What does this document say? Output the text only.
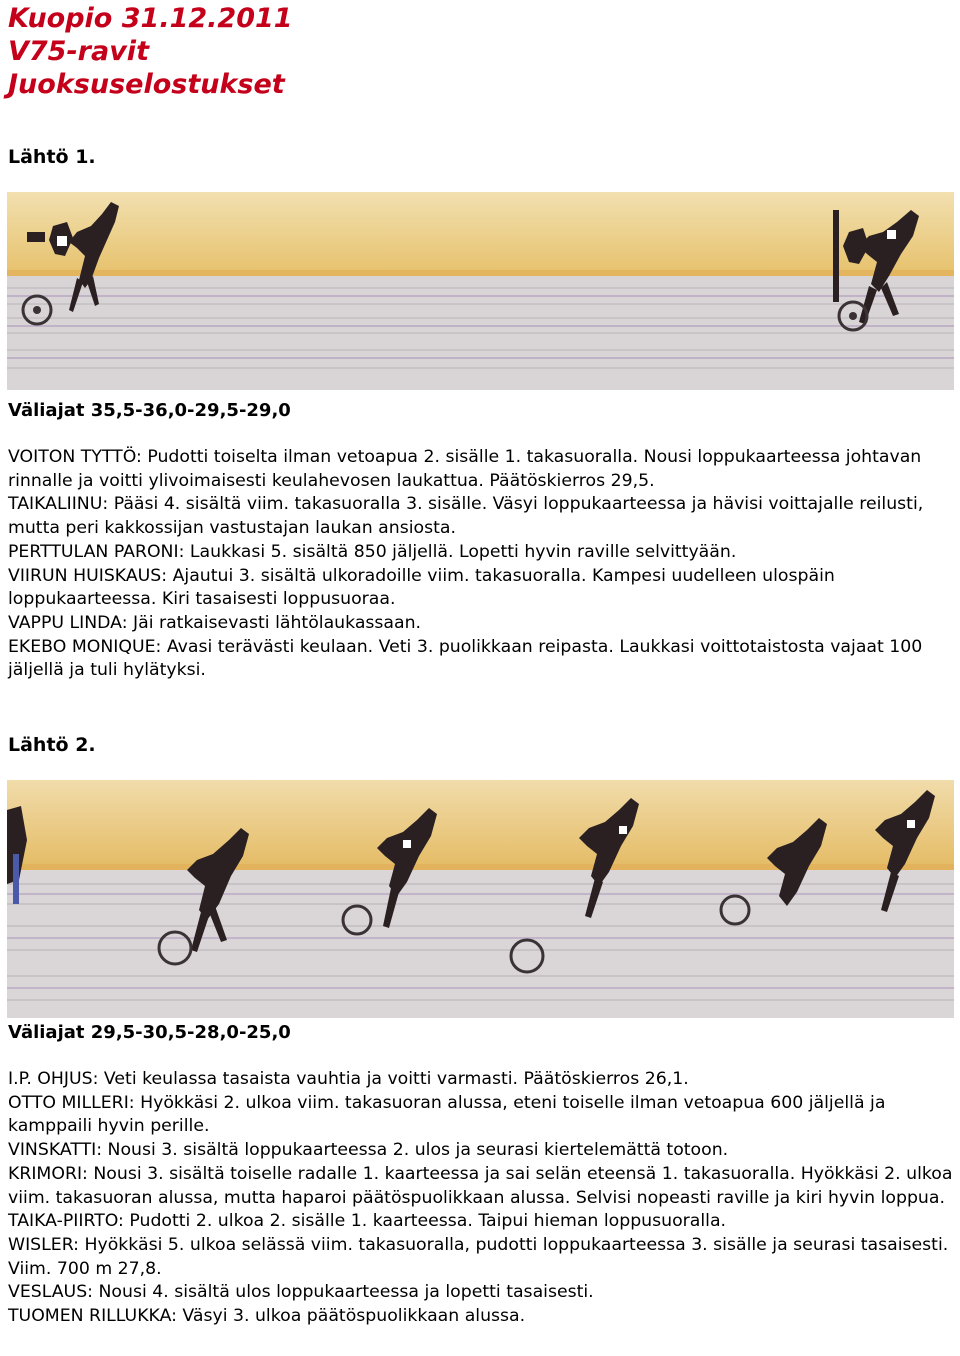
Kuopio 31.12.2011
V75-ravit
Juoksuselostukset
Lähtö 1.
Väliajat 35,5-36,0-29,5-29,0

VOITON TYTTÖ: Pudotti toiselta ilman vetoapua 2. sisälle 1. takasuoralla. Nousi loppukaarteessa johtavan rinnalle ja voitti ylivoimaisesti keulahevosen laukattua. Päätöskierros 29,5.

TAIKALIINU: Pääsi 4. sisältä viim. takasuoralla 3. sisälle. Väsyi loppukaarteessa ja hävisi voittajalle reilusti, mutta peri kakkossijan vastustajan laukan ansiosta.

PERTTULAN PARONI: Laukkasi 5. sisältä 850 jäljellä. Lopetti hyvin raville selvittyään.

VIIRUN HUISKAUS: Ajautui 3. sisältä ulkoradoille viim. takasuoralla. Kampesi uudelleen ulospäin loppukaarteessa. Kiri tasaisesti loppusuoraa.

VAPPU LINDA: Jäi ratkaisevasti lähtölaukassaan.

EKEBO MONIQUE: Avasi terävästi keulaan. Veti 3. puolikkaan reipasta. Laukkasi voittotaistosta vajaat 100 jäljellä ja tuli hylätyksi.

Lähtö 2.
Väliajat 29,5-30,5-28,0-25,0

I.P. OHJUS: Veti keulassa tasaista vauhtia ja voitti varmasti. Päätöskierros 26,1.

OTTO MILLERI: Hyökkäsi 2. ulkoa viim. takasuoran alussa, eteni toiselle ilman vetoapua 600 jäljellä ja kamppaili hyvin perille.

VINSKATTI: Nousi 3. sisältä loppukaarteessa 2. ulos ja seurasi kiertelemättä totoon.

KRIMORI: Nousi 3. sisältä toiselle radalle 1. kaarteessa ja sai selän eteensä 1. takasuoralla. Hyökkäsi 2. ulkoa viim. takasuoran alussa, mutta haparoi päätöspuolikkaan alussa. Selvisi nopeasti raville ja kiri hyvin loppua.

TAIKA-PIIRTO: Pudotti 2. ulkoa 2. sisälle 1. kaarteessa. Taipui hieman loppusuoralla.

WISLER: Hyökkäsi 5. ulkoa selässä viim. takasuoralla, pudotti loppukaarteessa 3. sisälle ja seurasi tasaisesti. Viim. 700 m 27,8.

VESLAUS: Nousi 4. sisältä ulos loppukaarteessa ja lopetti tasaisesti.

TUOMEN RILLUKKA: Väsyi 3. ulkoa päätöspuolikkaan alussa.
